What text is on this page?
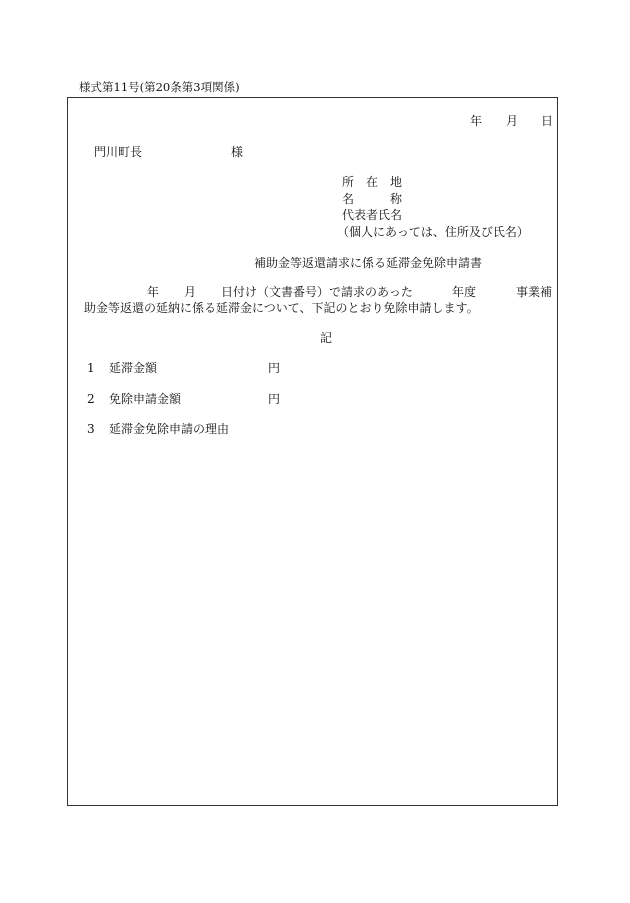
様式第11号(第20条第3項関係)
年 月 日
門川町長	様
所　在　地
名　　　称
代表者氏名
（個人にあっては、住所及び氏名）
補助金等返還請求に係る延滞金免除申請書
年 月 日付け（文書番号）で請求のあった	年度	事業補
助金等返還の延納に係る延滞金について、下記のとおり免除申請します。
記
1 延滞金額	円
2 免除申請金額	円
3 延滞金免除申請の理由
